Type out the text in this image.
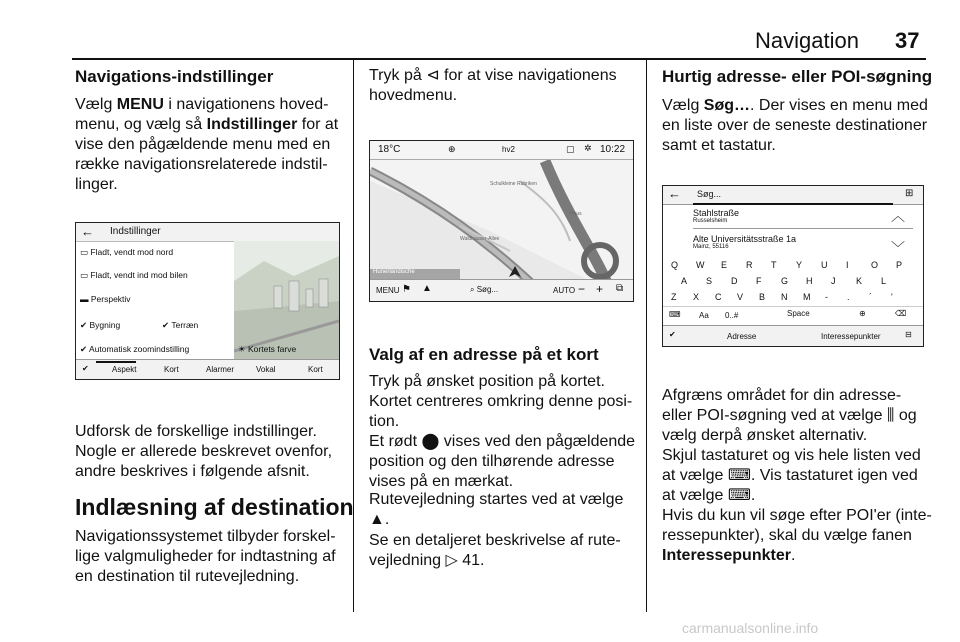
Navigation 37
Navigations-indstillinger
Vælg MENU i navigationens hoved-
menu, og vælg så Indstillinger for at
vise den pågældende menu med en
række navigationsrelaterede indstil-
linger.
← Indstillinger
▭ Fladt, vendt mod nord
▭ Fladt, vendt ind mod bilen
▬ Perspektiv
✔ Bygning	✔ Terræn
✔ Automatisk zoomindstilling	☀ Kortets farve
✔	Aspekt	Kort	Alarmer	Vokal	Kort
Udforsk de forskellige indstillinger.
Nogle er allerede beskrevet ovenfor,
andre beskrives i følgende afsnit.
Indlæsning af destination
Navigationssystemet tilbyder forskel-
lige valgmuligheder for indtastning af
en destination til rutevejledning.
Tryk på ⊲ for at vise navigationens
hovedmenu.
18°C	⊕	hv2	▢ ✲ 10:22
Schulkleine Rubriken
Waldhauser-Allee
Haus
Hunerländische
MENU ⚑ ▲	⌕ Søg...	AUTO − + ⧉
Valg af en adresse på et kort
Tryk på ønsket position på kortet.
Kortet centreres omkring denne posi-
tion.
Et rødt ⬤ vises ved den pågældende
position og den tilhørende adresse
vises på en mærkat.
Rutevejledning startes ved at vælge
▲.
Se en detaljeret beskrivelse af rute-
vejledning ▷ 41.
Hurtig adresse- eller POI-søgning
Vælg Søg…. Der vises en menu med
en liste over de seneste destinationer
samt et tastatur.
← Søg...	⊞
Stahlstraße
Russelsheim	︿
Alte Universitätsstraße 1a
Mainz, 55116	﹀
Q W E R T Y U I O P
A S D F G H J K L
Z X C V B N M - . ´ '
⌨ Aa 0..#	Space	⊕	⌫
✔	Adresse	Interessepunkter	⊟
Afgræns området for din adresse-
eller POI-søgning ved at vælge ⫼ og
vælg derpå ønsket alternativ.
Skjul tastaturet og vis hele listen ved
at vælge ⌨. Vis tastaturet igen ved
at vælge ⌨.
Hvis du kun vil søge efter POI'er (inte-
ressepunkter), skal du vælge fanen
Interessepunkter.
carmanualsonline.info
